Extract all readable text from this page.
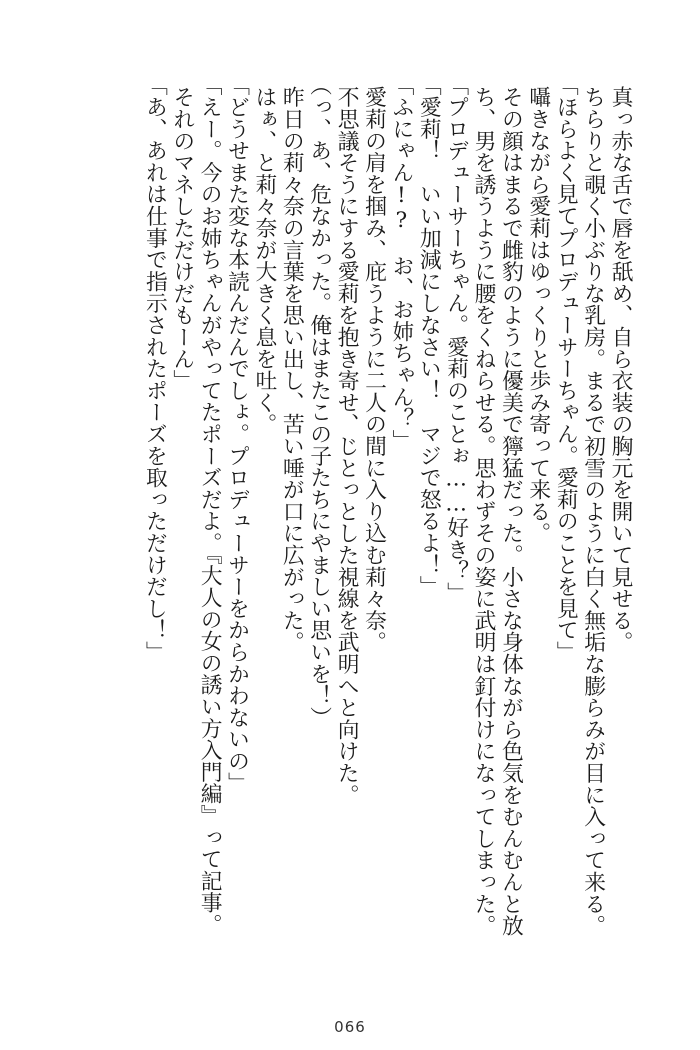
真っ赤な舌で唇を舐め、自ら衣装の胸元を開いて見せる。
ちらりと覗く小ぶりな乳房。まるで初雪のように白く無垢な膨らみが目に入って来る。
「ほらよく見てプロデューサーちゃん。愛莉のことを見て」
囁きながら愛莉はゆっくりと歩み寄って来る。
その顔はまるで雌豹のように優美で獰猛だった。小さな身体ながら色気をむんむんと放
ち、男を誘うように腰をくねらせる。思わずその姿に武明は釘付けになってしまった。
「プロデューサーちゃん。愛莉のことぉ……好き？」
「愛莉！　いい加減にしなさい！　マジで怒るよ！」
「ふにゃん!?　お、お姉ちゃん？」
愛莉の肩を掴み、庇うように二人の間に入り込む莉々奈。
不思議そうにする愛莉を抱き寄せ、じとっとした視線を武明へと向けた。
（っ、あ、危なかった。俺はまたこの子たちにやましい思いを！）
昨日の莉々奈の言葉を思い出し、苦い唾が口に広がった。
はぁ、と莉々奈が大きく息を吐く。
「どうせまた変な本読んだんでしょ。プロデューサーをからかわないの」
「えー。今のお姉ちゃんがやってたポーズだよ。『大人の女の誘い方入門編』って記事。
それのマネしただけだもーん」
「あ、あれは仕事で指示されたポーズを取っただけだし！」
066
